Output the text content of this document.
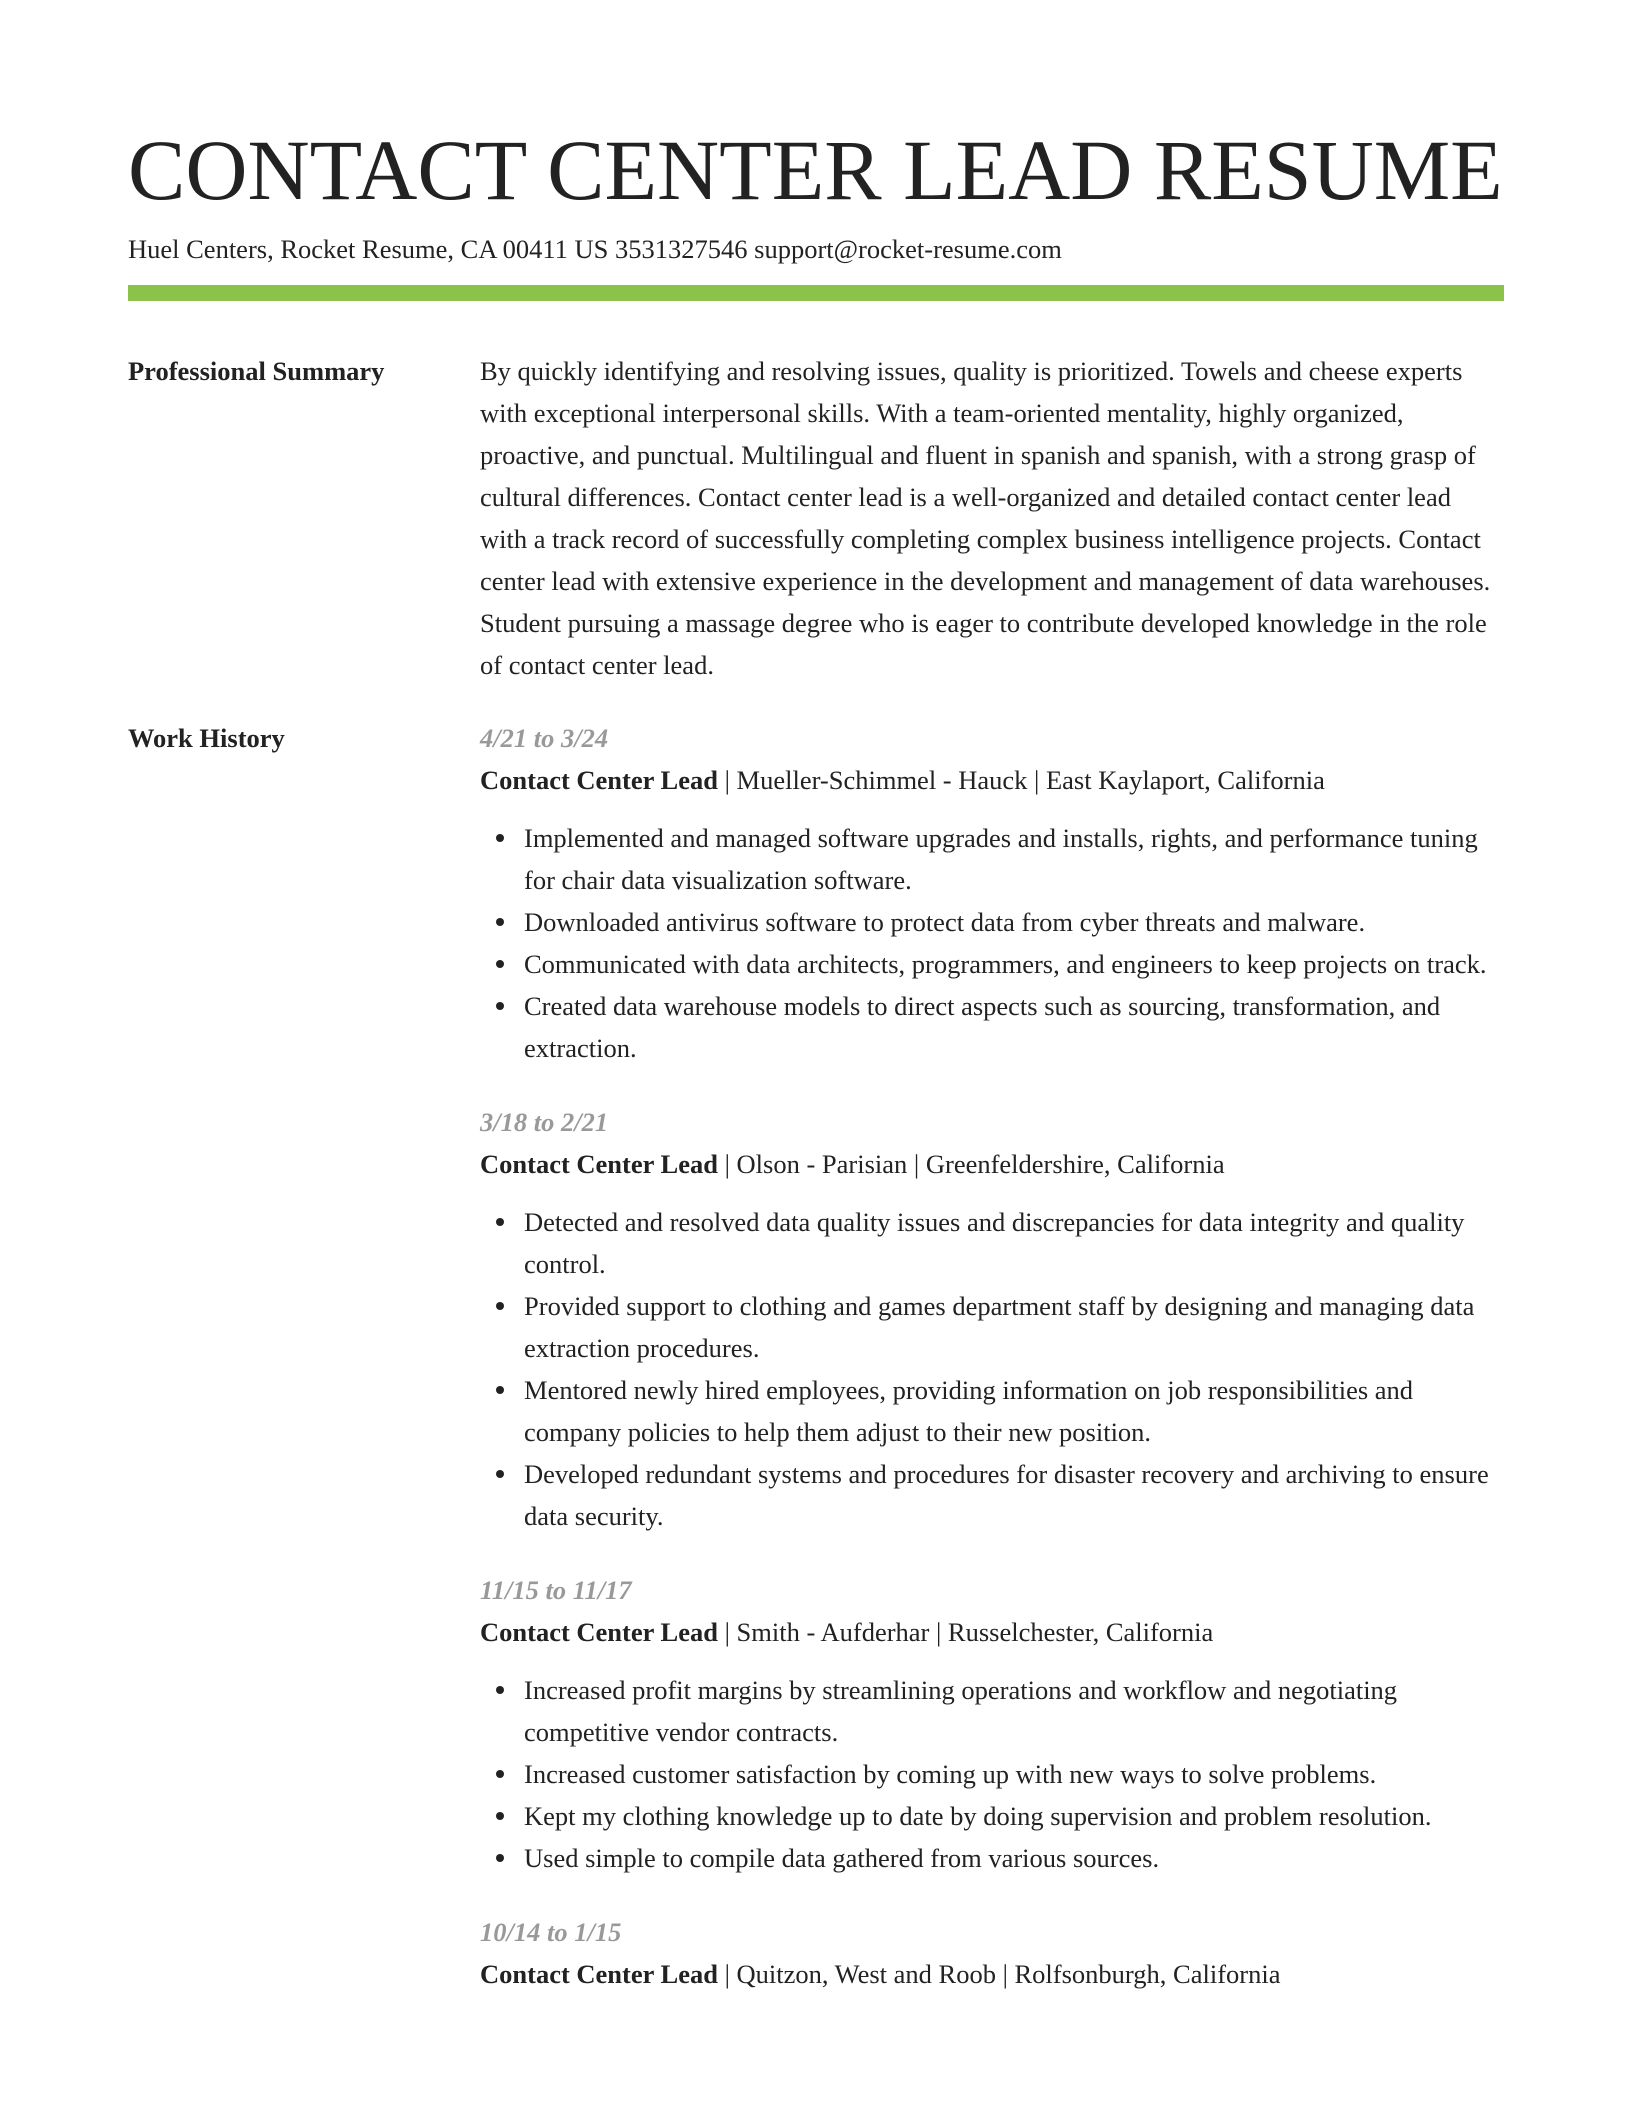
CONTACT CENTER LEAD RESUME
Huel Centers, Rocket Resume, CA 00411 US 3531327546 support@rocket-resume.com
Professional Summary	By quickly identifying and resolving issues, quality is prioritized. Towels and cheese experts with exceptional interpersonal skills. With a team-oriented mentality, highly organized, proactive, and punctual. Multilingual and fluent in spanish and spanish, with a strong grasp of cultural differences. Contact center lead is a well-organized and detailed contact center lead with a track record of successfully completing complex business intelligence projects. Contact center lead with extensive experience in the development and management of data warehouses. Student pursuing a massage degree who is eager to contribute developed knowledge in the role of contact center lead.

Work History	4/21 to 3/24
Contact Center Lead | Mueller-Schimmel - Hauck | East Kaylaport, California
Implemented and managed software upgrades and installs, rights, and performance tuning for chair data visualization software.
Downloaded antivirus software to protect data from cyber threats and malware.
Communicated with data architects, programmers, and engineers to keep projects on track.
Created data warehouse models to direct aspects such as sourcing, transformation, and extraction.
3/18 to 2/21
Contact Center Lead | Olson - Parisian | Greenfeldershire, California
Detected and resolved data quality issues and discrepancies for data integrity and quality control.
Provided support to clothing and games department staff by designing and managing data extraction procedures.
Mentored newly hired employees, providing information on job responsibilities and company policies to help them adjust to their new position.
Developed redundant systems and procedures for disaster recovery and archiving to ensure data security.
11/15 to 11/17
Contact Center Lead | Smith - Aufderhar | Russelchester, California
Increased profit margins by streamlining operations and workflow and negotiating competitive vendor contracts.
Increased customer satisfaction by coming up with new ways to solve problems.
Kept my clothing knowledge up to date by doing supervision and problem resolution.
Used simple to compile data gathered from various sources.
10/14 to 1/15
Contact Center Lead | Quitzon, West and Roob | Rolfsonburgh, California
